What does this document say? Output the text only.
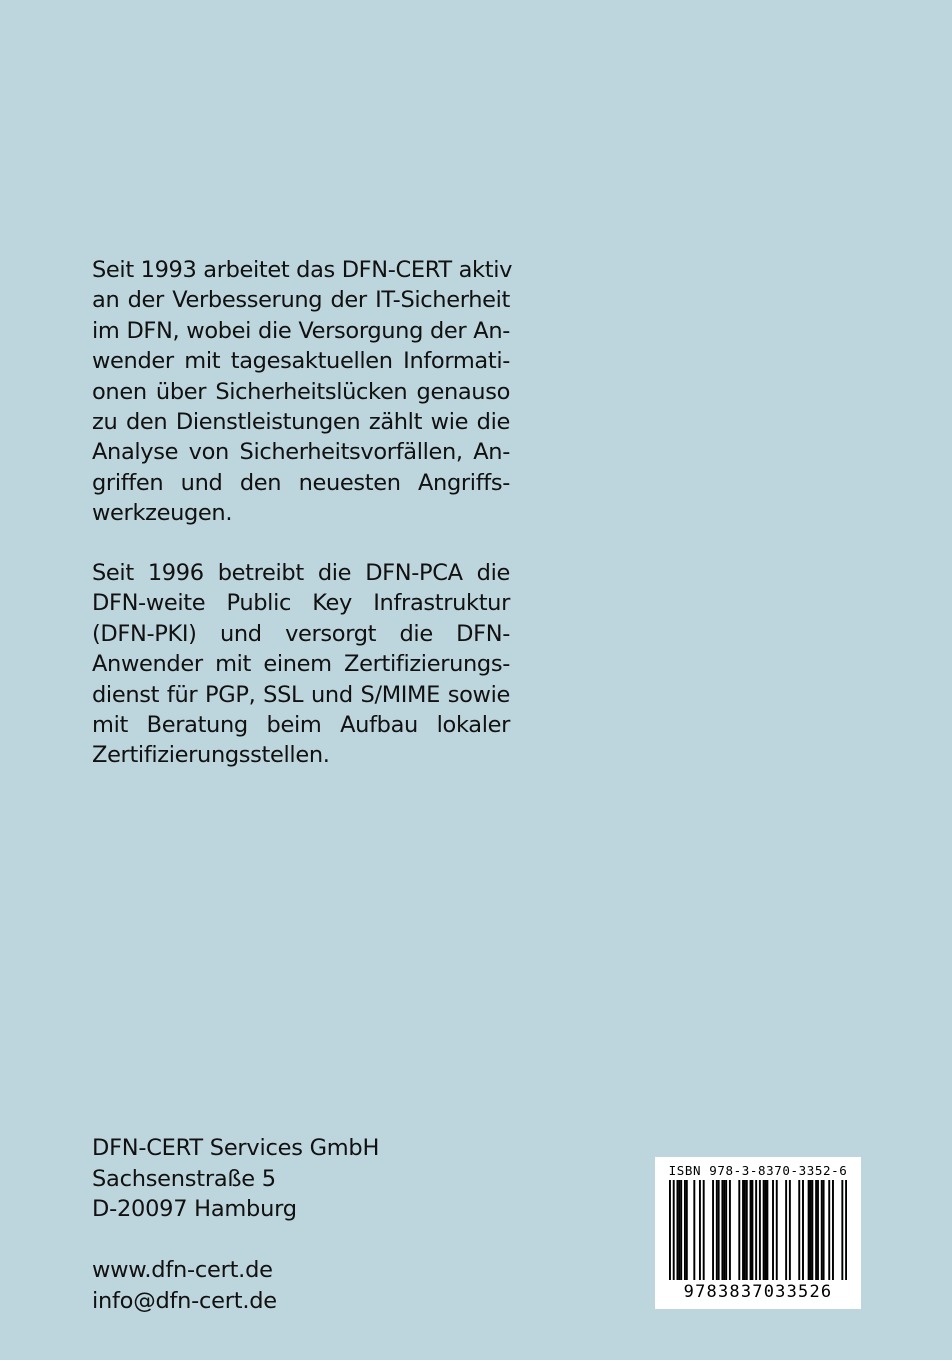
Seit 1993 arbeitet das DFN-CERT aktiv
an der Verbesserung der IT-Sicherheit
im DFN, wobei die Versorgung der An-
wender mit tagesaktuellen Informati-
onen über Sicherheitslücken genauso
zu den Dienstleistungen zählt wie die
Analyse von Sicherheitsvorfällen, An-
griffen und den neuesten Angriffs-
werkzeugen.
Seit 1996 betreibt die DFN-PCA die
DFN-weite Public Key Infrastruktur
(DFN-PKI) und versorgt die DFN-
Anwender mit einem Zertifizierungs-
dienst für PGP, SSL und S/MIME sowie
mit Beratung beim Aufbau lokaler
Zertifizierungsstellen.
DFN-CERT Services GmbH
Sachsenstraße 5
D-20097 Hamburg
www.dfn-cert.de
info@dfn-cert.de
ISBN 978-3-8370-3352-6
9783837033526
